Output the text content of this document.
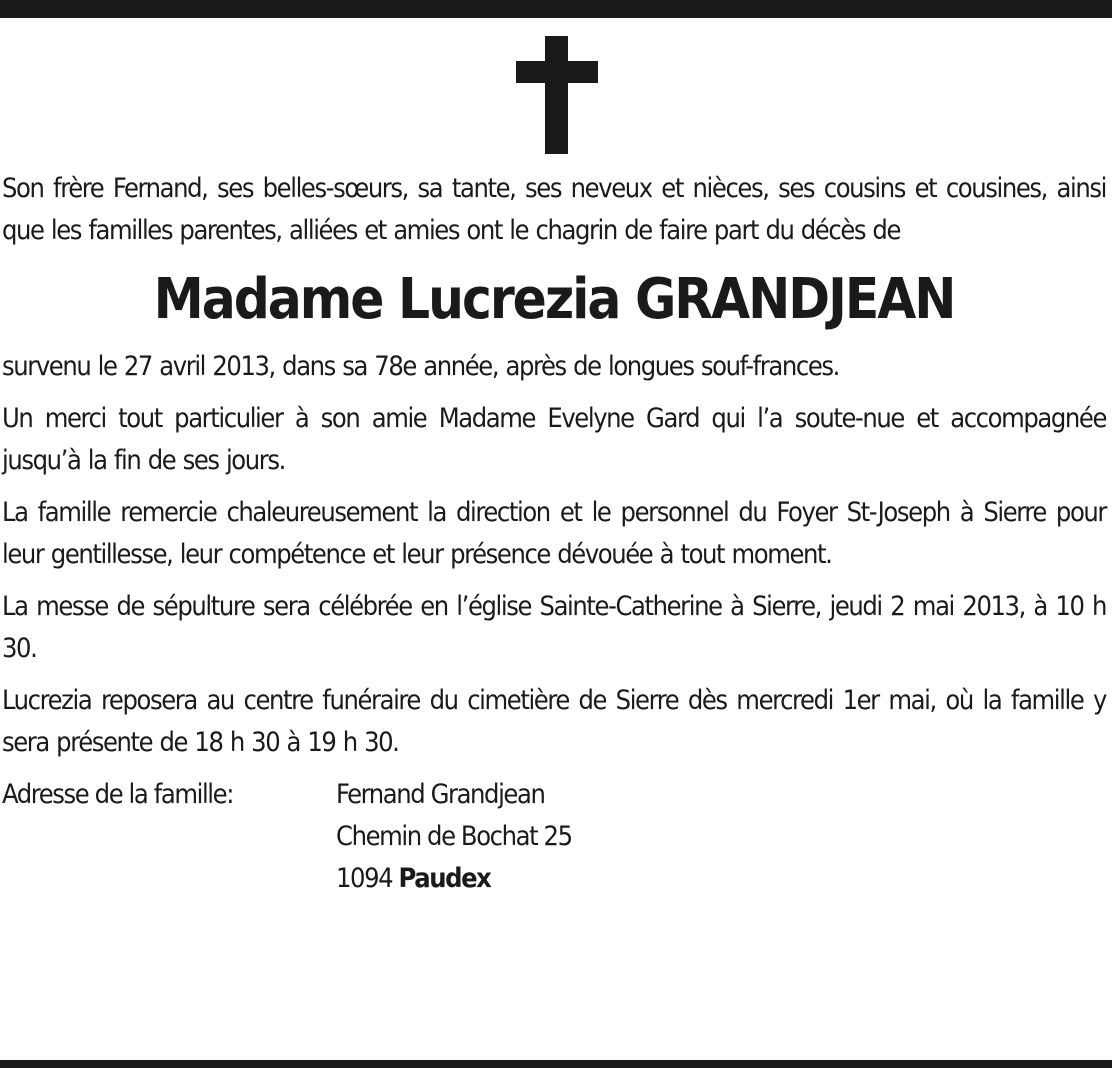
Son frère Fernand, ses belles-sœurs, sa tante, ses neveux et nièces, ses cousins et cousines, ainsi que les familles parentes, alliées et amies ont le chagrin de faire part du décès de

Madame Lucrezia GRANDJEAN

survenu le 27 avril 2013, dans sa 78e année, après de longues souf-frances.

Un merci tout particulier à son amie Madame Evelyne Gard qui l’a soute-nue et accompagnée jusqu’à la fin de ses jours.

La famille remercie chaleureusement la direction et le personnel du Foyer St-Joseph à Sierre pour leur gentillesse, leur compétence et leur présence dévouée à tout moment.

La messe de sépulture sera célébrée en l’église Sainte-Catherine à Sierre, jeudi 2 mai 2013, à 10 h 30.

Lucrezia reposera au centre funéraire du cimetière de Sierre dès mercredi 1er mai, où la famille y sera présente de 18 h 30 à 19 h 30.

Adresse de la famille:	Fernand Grandjean
Chemin de Bochat 25
1094 Paudex
